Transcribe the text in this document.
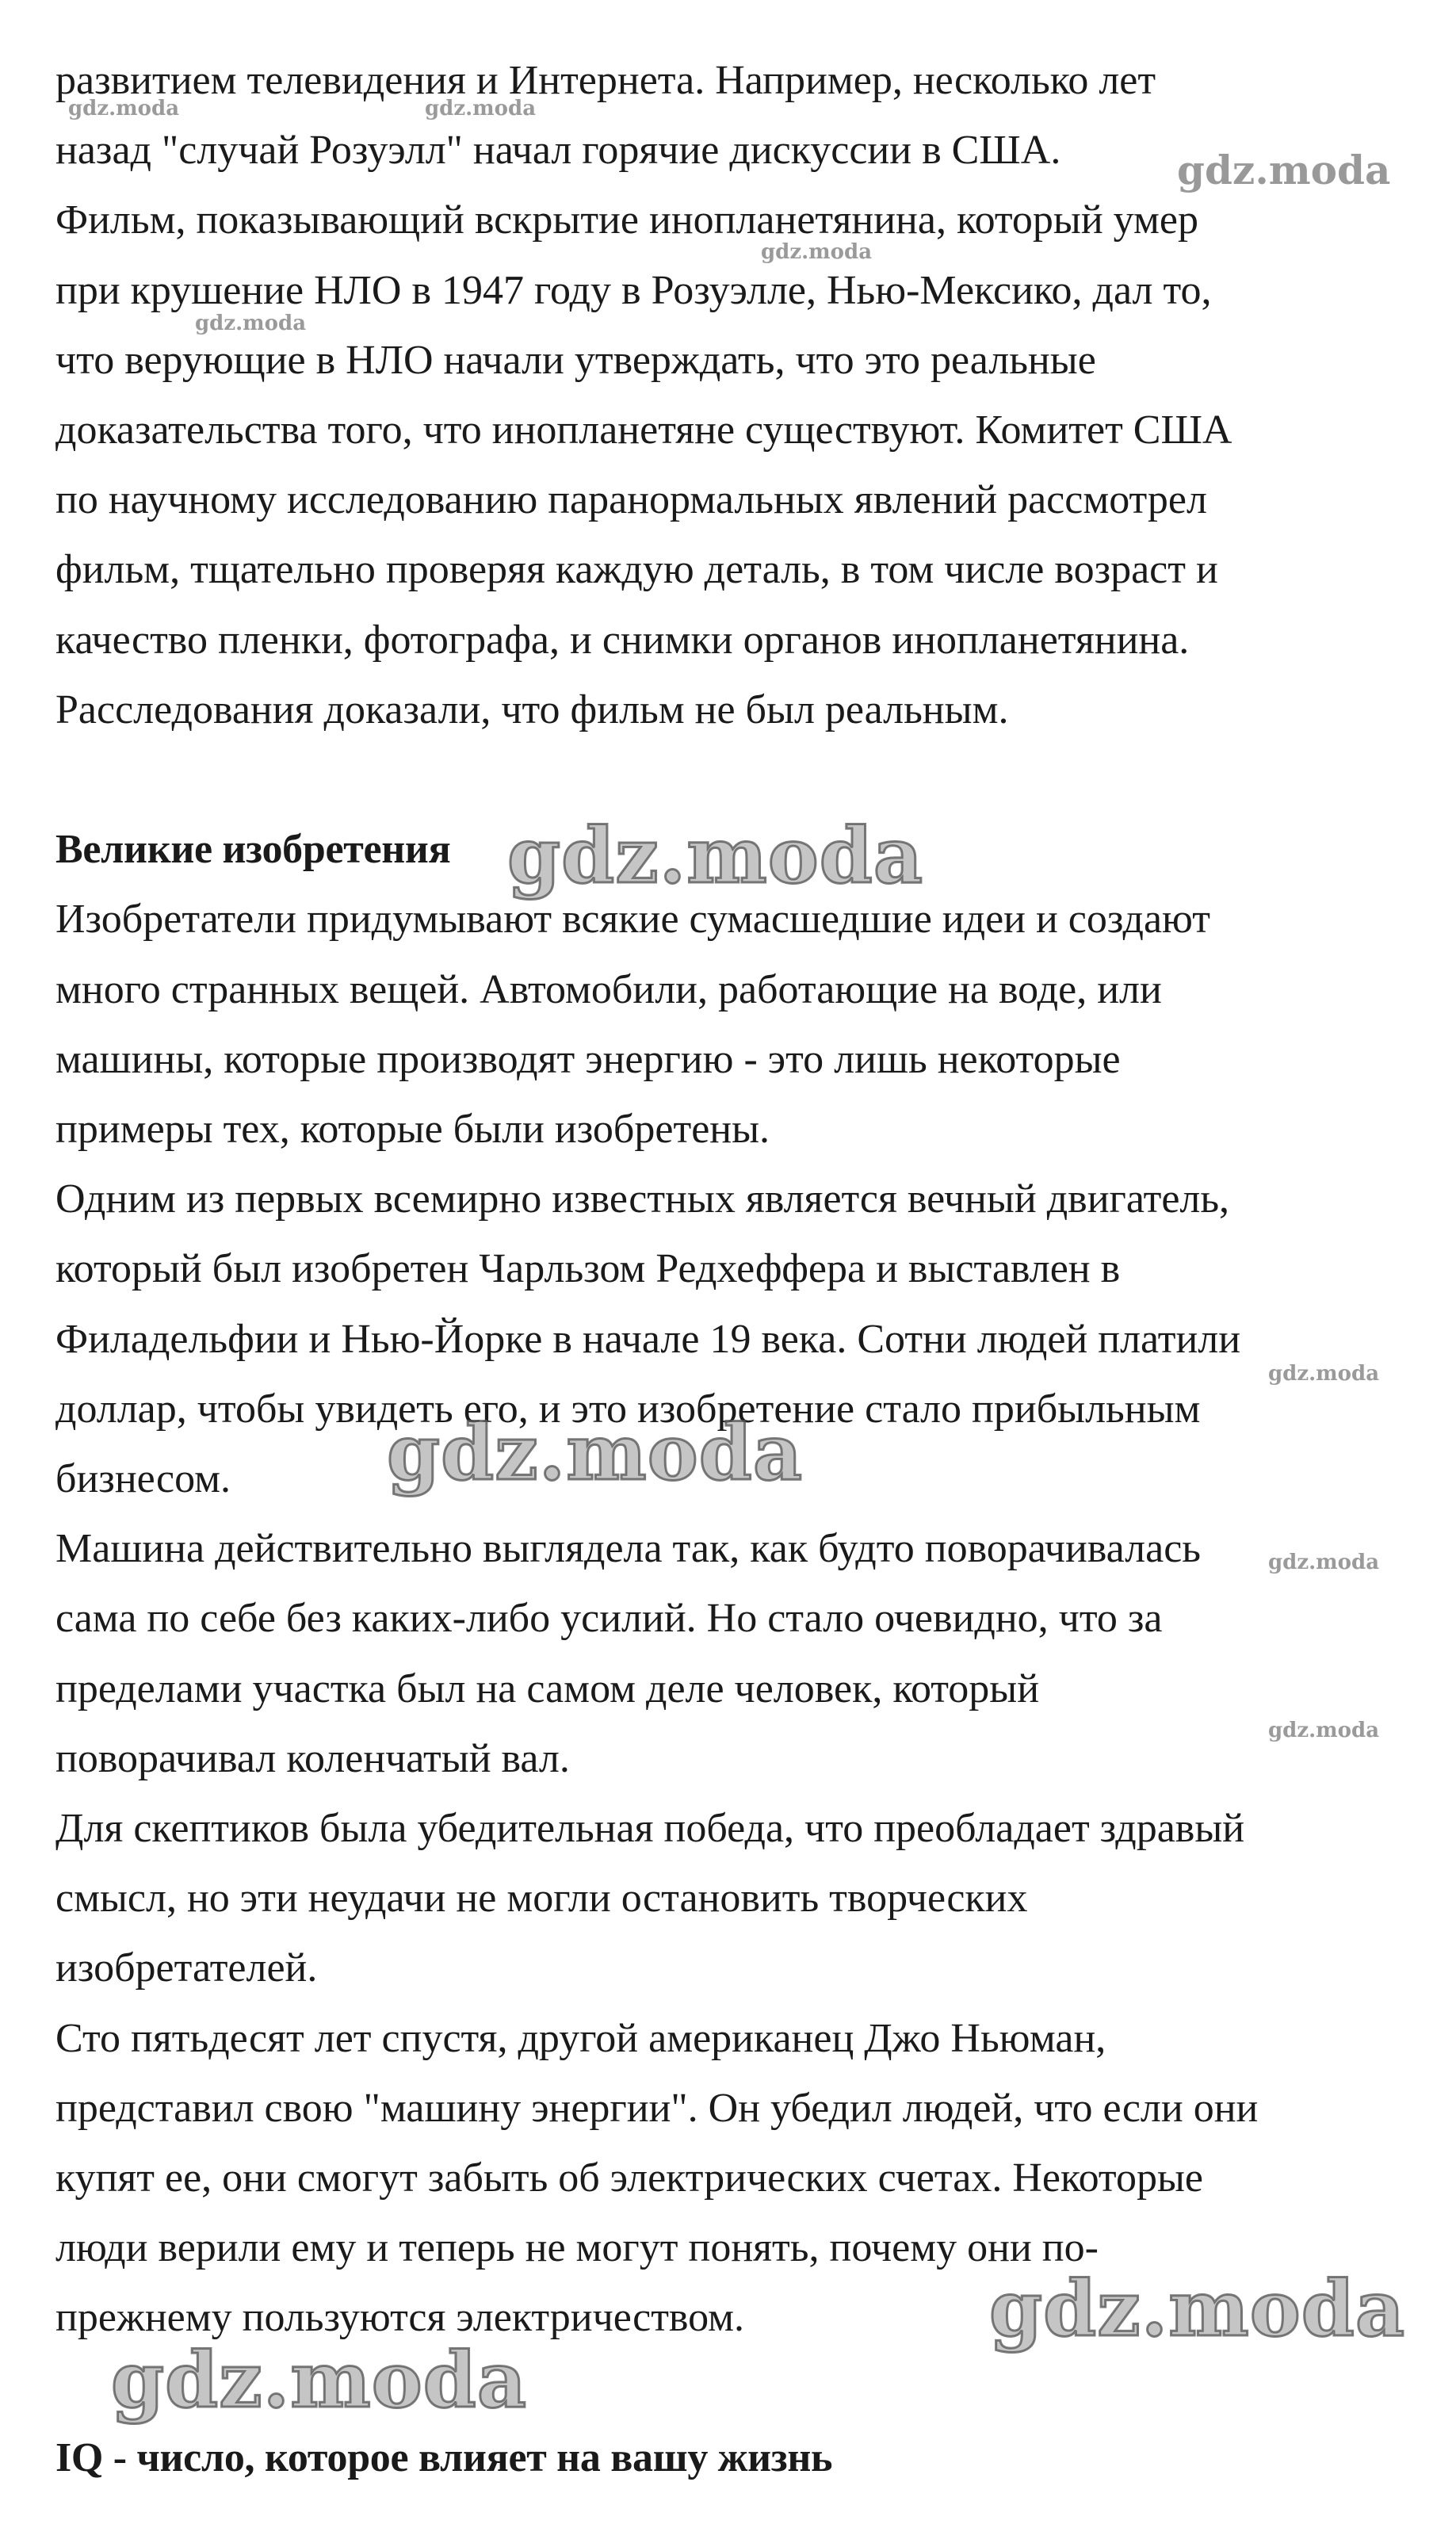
развитием телевидения и Интернета. Например, несколько лет
назад "случай Розуэлл" начал горячие дискуссии в США.
Фильм, показывающий вскрытие инопланетянина, который умер
при крушение НЛО в 1947 году в Розуэлле, Нью-Мексико, дал то,
что верующие в НЛО начали утверждать, что это реальные
доказательства того, что инопланетяне существуют. Комитет США
по научному исследованию паранормальных явлений рассмотрел
фильм, тщательно проверяя каждую деталь, в том числе возраст и
качество пленки, фотографа, и снимки органов инопланетянина.
Расследования доказали, что фильм не был реальным.
Великие изобретения
Изобретатели придумывают всякие сумасшедшие идеи и создают
много странных вещей. Автомобили, работающие на воде, или
машины, которые производят энергию - это лишь некоторые
примеры тех, которые были изобретены.
Одним из первых всемирно известных является вечный двигатель,
который был изобретен Чарльзом Редхеффера и выставлен в
Филадельфии и Нью-Йорке в начале 19 века. Сотни людей платили
доллар, чтобы увидеть его, и это изобретение стало прибыльным
бизнесом.
Машина действительно выглядела так, как будто поворачивалась
сама по себе без каких-либо усилий. Но стало очевидно, что за
пределами участка был на самом деле человек, который
поворачивал коленчатый вал.
Для скептиков была убедительная победа, что преобладает здравый
смысл, но эти неудачи не могли остановить творческих
изобретателей.
Сто пятьдесят лет спустя, другой американец Джо Ньюман,
представил свою "машину энергии". Он убедил людей, что если они
купят ее, они смогут забыть об электрических счетах. Некоторые
люди верили ему и теперь не могут понять, почему они по-
прежнему пользуются электричеством.
IQ - число, которое влияет на вашу жизнь
gdz.moda	gdz.moda
gdz.moda
gdz.moda
gdz.moda
gdz.moda
gdz.moda
gdz.moda
gdz.moda
gdz.moda
gdz.moda
gdz.moda
